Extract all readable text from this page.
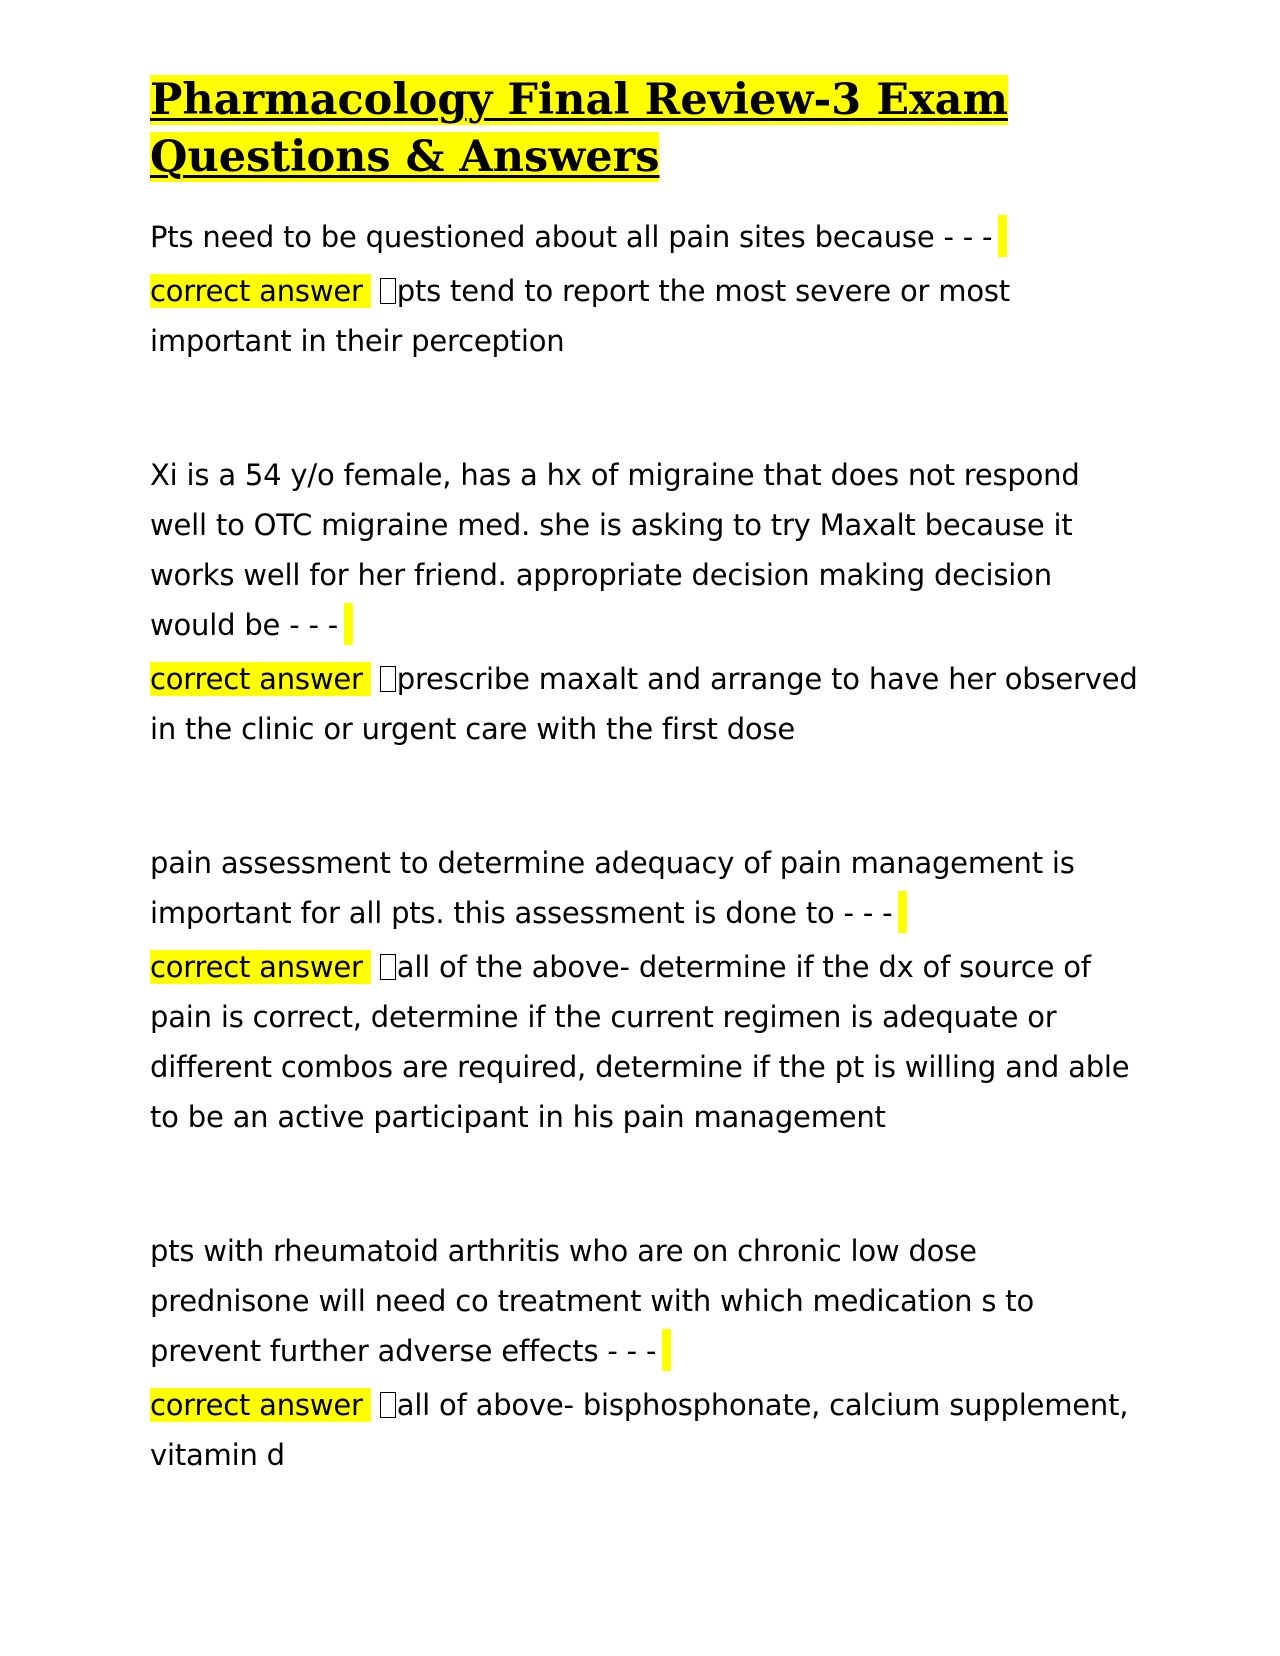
Pharmacology Final Review-3 Exam
Questions & Answers

Pts need to be questioned about all pain sites because - - -

correct answer pts tend to report the most severe or most important in their perception

Xi is a 54 y/o female, has a hx of migraine that does not respond well to OTC migraine med. she is asking to try Maxalt because it works well for her friend. appropriate decision making decision would be - - -

correct answer prescribe maxalt and arrange to have her observed in the clinic or urgent care with the first dose

pain assessment to determine adequacy of pain management is important for all pts. this assessment is done to - - -

correct answer all of the above- determine if the dx of source of pain is correct, determine if the current regimen is adequate or different combos are required, determine if the pt is willing and able to be an active participant in his pain management

pts with rheumatoid arthritis who are on chronic low dose prednisone will need co treatment with which medication s to prevent further adverse effects - - -

correct answer all of above- bisphosphonate, calcium supplement, vitamin d
